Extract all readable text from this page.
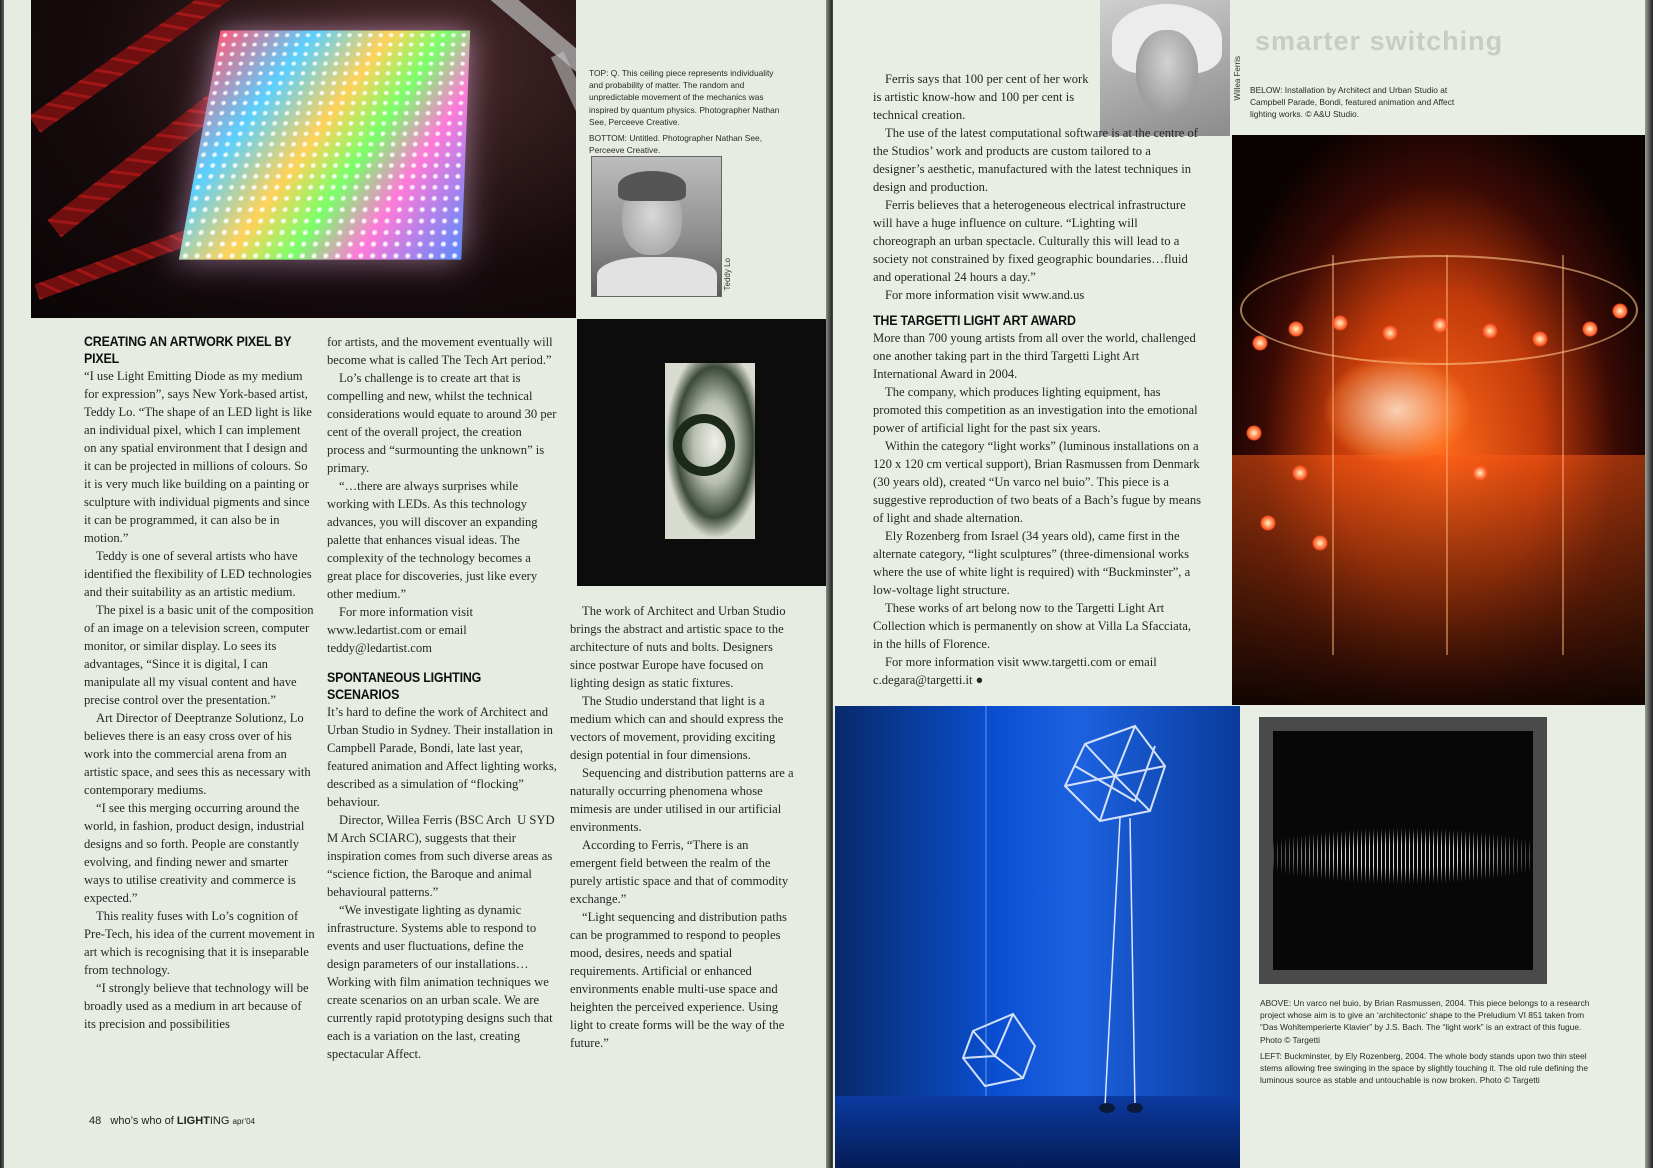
TOP: Q. This ceiling piece represents individuality and probability of matter. The random and unpredictable movement of the mechanics was inspired by quantum physics. Photographer Nathan See, Perceeve Creative.
BOTTOM: Untitled. Photographer Nathan See, Perceeve Creative.
Teddy Lo
CREATING AN ARTWORK PIXEL BY PIXEL

“I use Light Emitting Diode as my medium for expression”, says New York-based artist, Teddy Lo. “The shape of an LED light is like an individual pixel, which I can implement on any spatial environment that I design and it can be projected in millions of colours. So it is very much like building on a painting or sculpture with individual pigments and since it can be programmed, it can also be in motion.”

Teddy is one of several artists who have identified the flexibility of LED technologies and their suitability as an artistic medium.

The pixel is a basic unit of the composition of an image on a television screen, computer monitor, or similar display. Lo sees its advantages, “Since it is digital, I can manipulate all my visual content and have precise control over the presentation.”

Art Director of Deeptranze Solutionz, Lo believes there is an easy cross over of his work into the commercial arena from an artistic space, and sees this as necessary with contemporary mediums.

“I see this merging occurring around the world, in fashion, product design, industrial designs and so forth. People are constantly evolving, and finding newer and smarter ways to utilise creativity and commerce is expected.”

This reality fuses with Lo’s cognition of Pre-Tech, his idea of the current movement in art which is recognising that it is inseparable from technology.

“I strongly believe that technology will be broadly used as a medium in art because of its precision and possibilities

for artists, and the movement eventually will become what is called The Tech Art period.”

Lo’s challenge is to create art that is compelling and new, whilst the technical considerations would equate to around 30 per cent of the overall project, the creation process and “surmounting the unknown” is primary.

“…there are always surprises while working with LEDs. As this technology advances, you will discover an expanding palette that enhances visual ideas. The complexity of the technology becomes a great place for discoveries, just like every other medium.”

For more information visit www.ledartist.com or email teddy@ledartist.com

SPONTANEOUS LIGHTING SCENARIOS

It’s hard to define the work of Architect and Urban Studio in Sydney. Their installation in Campbell Parade, Bondi, late last year, featured animation and Affect lighting works, described as a simulation of “flocking” behaviour.

Director, Willea Ferris (BSC Arch  U SYD M Arch SCIARC), suggests that their inspiration comes from such diverse areas as “science fiction, the Baroque and animal behavioural patterns.”

“We investigate lighting as dynamic infrastructure. Systems able to respond to events and user fluctuations, define the design parameters of our installations…Working with film animation techniques we create scenarios on an urban scale. We are currently rapid prototyping designs such that each is a variation on the last, creating spectacular Affect.

The work of Architect and Urban Studio brings the abstract and artistic space to the architecture of nuts and bolts. Designers since postwar Europe have focused on lighting design as static fixtures.

The Studio understand that light is a medium which can and should express the vectors of movement, providing exciting design potential in four dimensions.

Sequencing and distribution patterns are a naturally occurring phenomena whose mimesis are under utilised in our artificial environments.

According to Ferris, “There is an emergent field between the realm of the purely artistic space and that of commodity exchange.”

“Light sequencing and distribution paths can be programmed to respond to peoples mood, desires, needs and spatial requirements. Artificial or enhanced environments enable multi-use space and heighten the perceived experience. Using light to create forms will be the way of the future.”

48 who’s who of LIGHTING apr’04
smarter switching
Willea Ferris BELOW: Installation by Architect and Urban Studio at Campbell Parade, Bondi, featured animation and Affect lighting works. © A&U Studio.
ABOVE: Un varco nel buio, by Brian Rasmussen, 2004. This piece belongs to a research project whose aim is to give an ‘architectonic’ shape to the Preludium VI 851 taken from “Das Wohltemperierte Klavier” by J.S. Bach. The “light work” is an extract of this fugue. Photo © Targetti
LEFT: Buckminster, by Ely Rozenberg, 2004. The whole body stands upon two thin steel stems allowing free swinging in the space by slightly touching it. The old rule defining the luminous source as stable and untouchable is now broken. Photo © Targetti

Ferris says that 100 per cent of her work is artistic know-how and 100 per cent is technical creation.

The use of the latest computational software is at the centre of the Studios’ work and products are custom tailored to a designer’s aesthetic, manufactured with the latest techniques in design and production.

Ferris believes that a heterogeneous electrical infrastructure will have a huge influence on culture. “Lighting will choreograph an urban spectacle. Culturally this will lead to a society not constrained by fixed geographic boundaries…fluid and operational 24 hours a day.”

For more information visit www.and.us

THE TARGETTI LIGHT ART AWARD

More than 700 young artists from all over the world, challenged one another taking part in the third Targetti Light Art International Award in 2004.

The company, which produces lighting equipment, has promoted this competition as an investigation into the emotional power of artificial light for the past six years.

Within the category “light works” (luminous installations on a 120 x 120 cm vertical support), Brian Rasmussen from Denmark (30 years old), created “Un varco nel buio”. This piece is a suggestive reproduction of two beats of a Bach’s fugue by means of light and shade alternation.

Ely Rozenberg from Israel (34 years old), came first in the alternate category, “light sculptures” (three-dimensional works where the use of white light is required) with “Buckminster”, a low-voltage light structure.

These works of art belong now to the Targetti Light Art Collection which is permanently on show at Villa La Sfacciata, in the hills of Florence.

For more information visit www.targetti.com or email c.degara@targetti.it ●
